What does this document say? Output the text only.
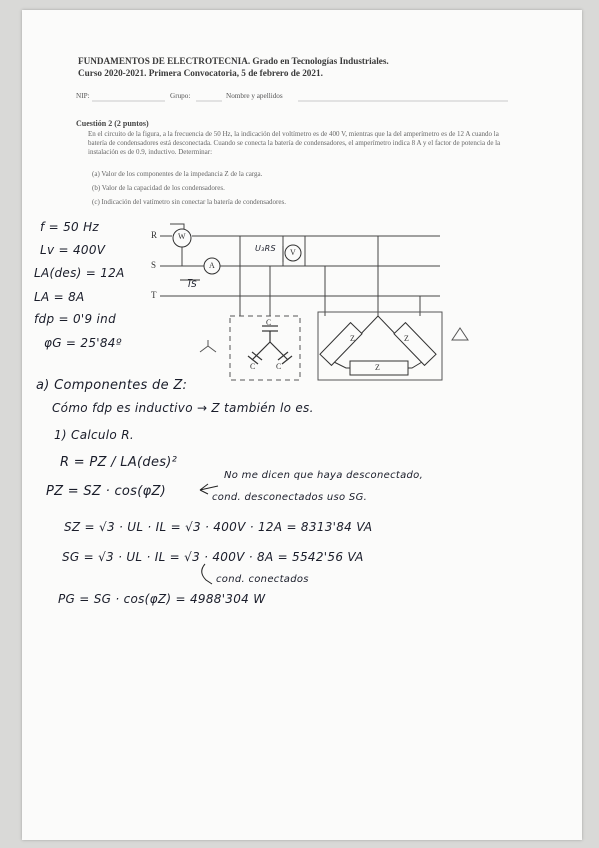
FUNDAMENTOS DE ELECTROTECNIA. Grado en Tecnologías Industriales.
Curso 2020-2021. Primera Convocatoria, 5 de febrero de 2021.
NIP:	Grupo:	Nombre y apellidos
Cuestión 2 (2 puntos)
En el circuito de la figura, a la frecuencia de 50 Hz, la indicación del voltímetro es de 400 V, mientras que la del amperímetro es de 12 A cuando la batería de condensadores está desconectada. Cuando se conecta la batería de condensadores, el amperímetro indica 8 A y el factor de potencia de la instalación es de 0.9, inductivo. Determinar:
(a) Valor de los componentes de la impedancia Z de la carga.
(b) Valor de la capacidad de los condensadores.
(c) Indicación del vatímetro sin conectar la batería de condensadores.
R
S
T
W
A
V
U₃RS
I̅S
C
C	C
Z	Z
Z
f = 50 Hz
Lv = 400V
LA(des) = 12A
LA = 8A
fdp = 0'9 ind
φG = 25'84º
a) Componentes de Z:
Cómo fdp es inductivo → Z también lo es.
1) Calculo R.
R = PZ / LA(des)²
PZ = SZ · cos(φZ)
No me dicen que haya desconectado,
cond. desconectados uso SG.
SZ = √3 · UL · IL = √3 · 400V · 12A = 8313'84 VA
SG = √3 · UL · IL = √3 · 400V · 8A = 5542'56 VA
cond. conectados
PG = SG · cos(φZ) = 4988'304 W
